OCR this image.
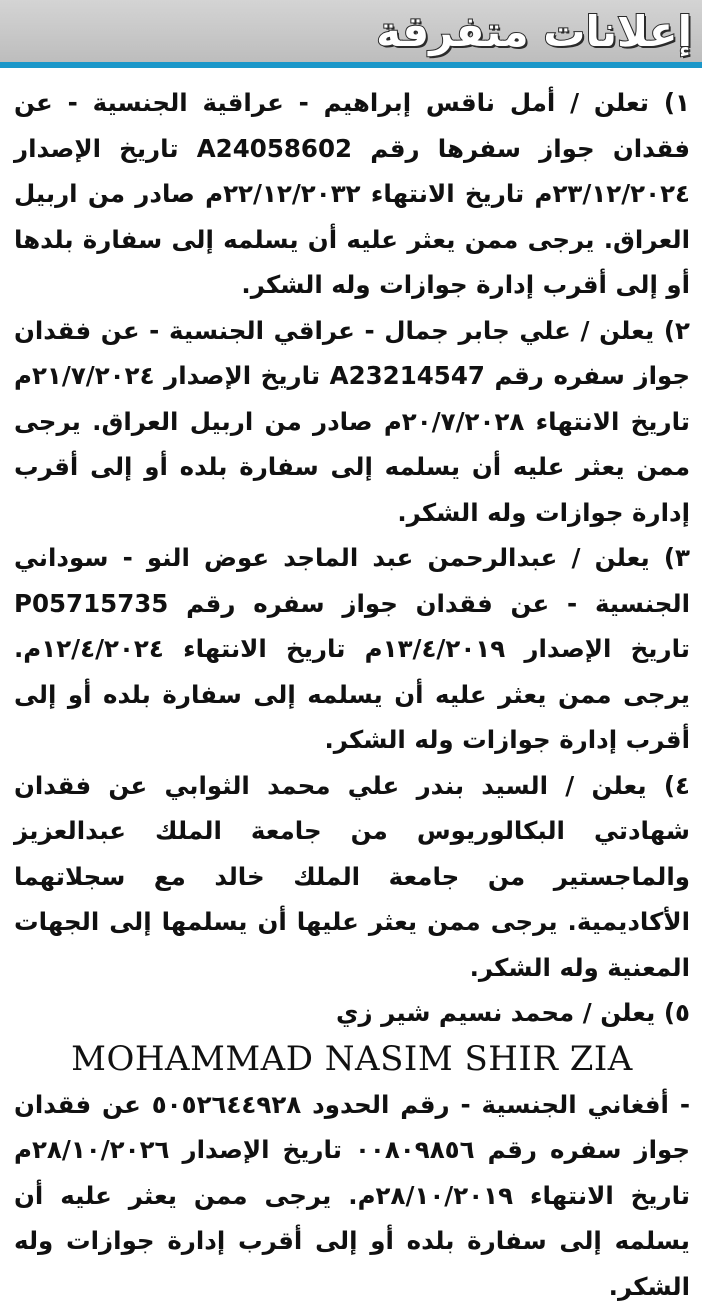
إعلانات متفرقة
١) تعلن / أمل ناقس إبراهيم - عراقية الجنسية - عن فقدان جواز سفرها رقم A24058602 تاريخ الإصدار ٢٣/١٢/٢٠٢٤م تاريخ الانتهاء ٢٢/١٢/٢٠٣٢م صادر من اربيل العراق. يرجى ممن يعثر عليه أن يسلمه إلى سفارة بلدها أو إلى أقرب إدارة جوازات وله الشكر.
٢) يعلن / علي جابر جمال - عراقي الجنسية - عن فقدان جواز سفره رقم A23214547 تاريخ الإصدار ٢١/٧/٢٠٢٤م تاريخ الانتهاء ٢٠/٧/٢٠٢٨م صادر من اربيل العراق. يرجى ممن يعثر عليه أن يسلمه إلى سفارة بلده أو إلى أقرب إدارة جوازات وله الشكر.
٣) يعلن / عبدالرحمن عبد الماجد عوض النو - سوداني الجنسية - عن فقدان جواز سفره رقم P05715735 تاريخ الإصدار ١٣/٤/٢٠١٩م تاريخ الانتهاء ١٢/٤/٢٠٢٤م. يرجى ممن يعثر عليه أن يسلمه إلى سفارة بلده أو إلى أقرب إدارة جوازات وله الشكر.
٤) يعلن / السيد بندر علي محمد الثوابي عن فقدان شهادتي البكالوريوس من جامعة الملك عبدالعزيز والماجستير من جامعة الملك خالد مع سجلاتهما الأكاديمية. يرجى ممن يعثر عليها أن يسلمها إلى الجهات المعنية وله الشكر.
٥) يعلن / محمد نسيم شير زي
MOHAMMAD NASIM SHIR ZIA
- أفغاني الجنسية - رقم الحدود ٥٠٥٢٦٤٤٩٢٨ عن فقدان جواز سفره رقم ٠٠٨٠٩٨٥٦ تاريخ الإصدار ٢٨/١٠/٢٠٢٦م تاريخ الانتهاء ٢٨/١٠/٢٠١٩م. يرجى ممن يعثر عليه أن يسلمه إلى سفارة بلده أو إلى أقرب إدارة جوازات وله الشكر.
